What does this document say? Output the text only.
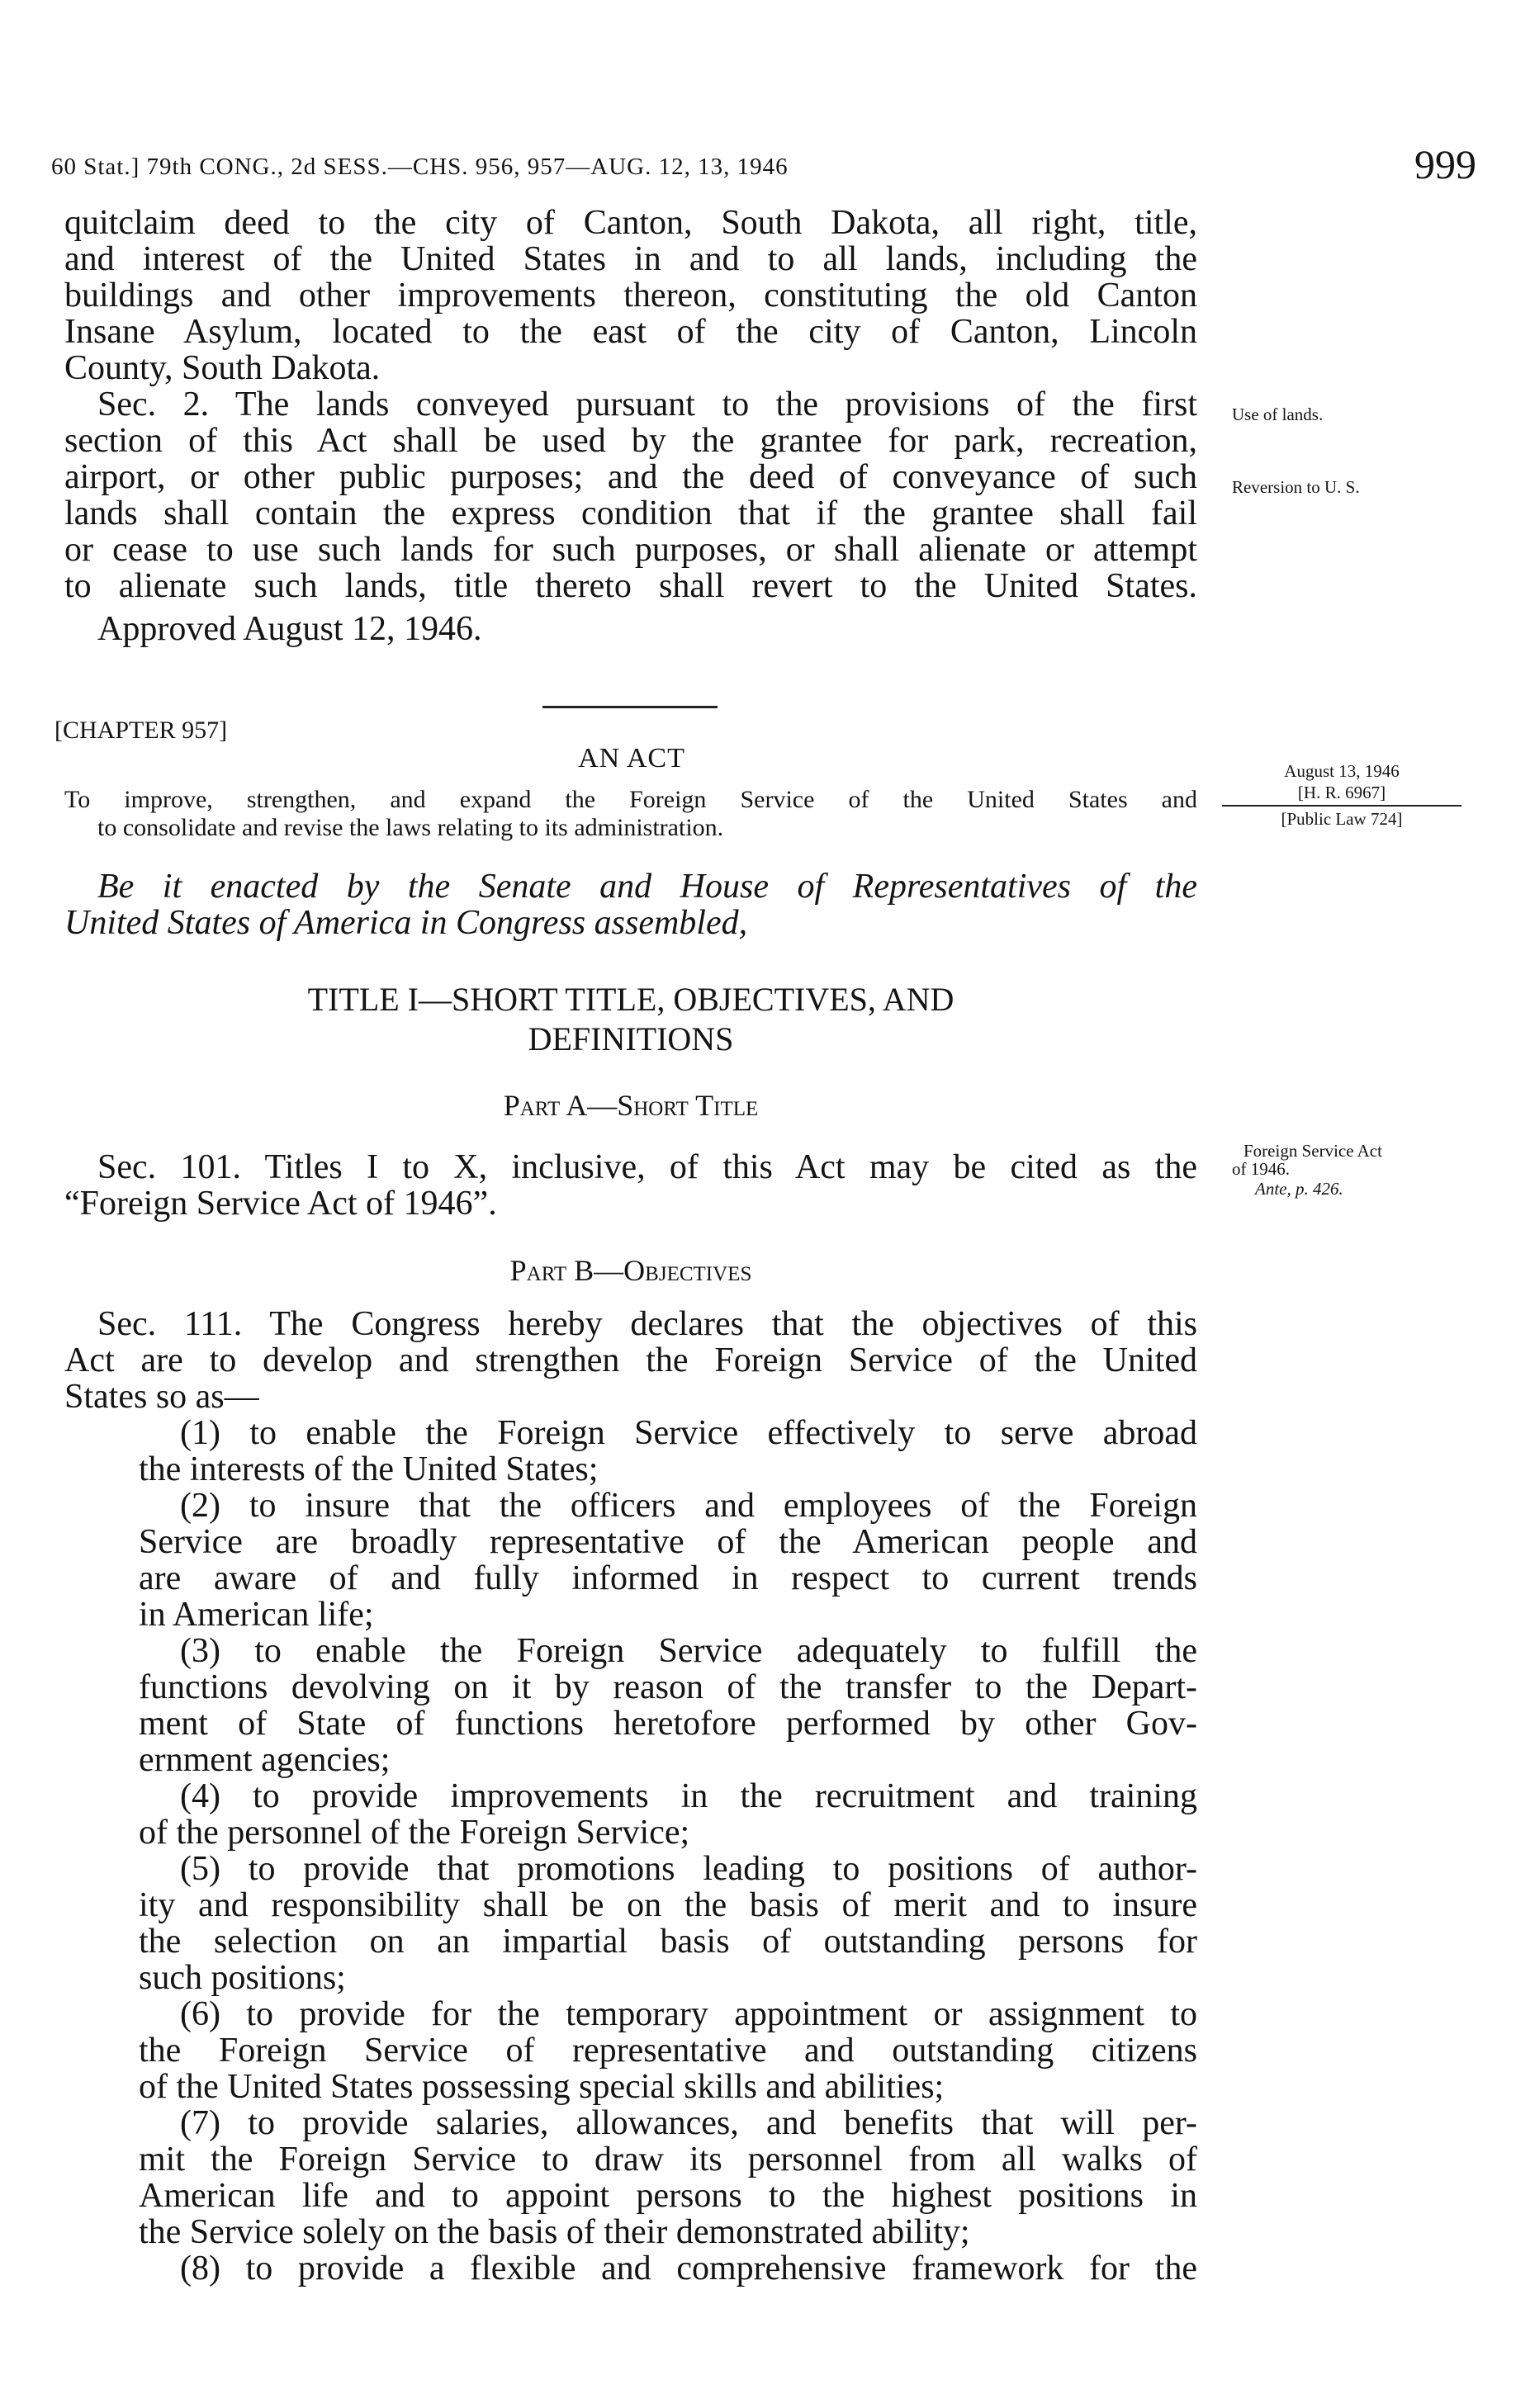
60 Stat.] 79th CONG., 2d SESS.—CHS. 956, 957—AUG. 12, 13, 1946	999
quitclaim deed to the city of Canton, South Dakota, all right, title,
and interest of the United States in and to all lands, including the
buildings and other improvements thereon, constituting the old Canton
Insane Asylum, located to the east of the city of Canton, Lincoln
County, South Dakota.
Sec. 2. The lands conveyed pursuant to the provisions of the first
section of this Act shall be used by the grantee for park, recreation,
airport, or other public purposes; and the deed of conveyance of such
lands shall contain the express condition that if the grantee shall fail
or cease to use such lands for such purposes, or shall alienate or attempt
to alienate such lands, title thereto shall revert to the United States.
Approved August 12, 1946.
Use of lands.
Reversion to U. S.
[CHAPTER 957]
AN ACT
To improve, strengthen, and expand the Foreign Service of the United States and
to consolidate and revise the laws relating to its administration.
August 13, 1946
[H. R. 6967]
[Public Law 724]
Be it enacted by the Senate and House of Representatives of the
United States of America in Congress assembled,
TITLE I—SHORT TITLE, OBJECTIVES, AND
DEFINITIONS
Part A—Short Title
Sec. 101. Titles I to X, inclusive, of this Act may be cited as the
“Foreign Service Act of 1946”.
Foreign Service Act
of 1946.
Ante, p. 426.
Part B—Objectives
Sec. 111. The Congress hereby declares that the objectives of this
Act are to develop and strengthen the Foreign Service of the United
States so as—
(1) to enable the Foreign Service effectively to serve abroad
the interests of the United States;
(2) to insure that the officers and employees of the Foreign
Service are broadly representative of the American people and
are aware of and fully informed in respect to current trends
in American life;
(3) to enable the Foreign Service adequately to fulfill the
functions devolving on it by reason of the transfer to the Depart-
ment of State of functions heretofore performed by other Gov-
ernment agencies;
(4) to provide improvements in the recruitment and training
of the personnel of the Foreign Service;
(5) to provide that promotions leading to positions of author-
ity and responsibility shall be on the basis of merit and to insure
the selection on an impartial basis of outstanding persons for
such positions;
(6) to provide for the temporary appointment or assignment to
the Foreign Service of representative and outstanding citizens
of the United States possessing special skills and abilities;
(7) to provide salaries, allowances, and benefits that will per-
mit the Foreign Service to draw its personnel from all walks of
American life and to appoint persons to the highest positions in
the Service solely on the basis of their demonstrated ability;
(8) to provide a flexible and comprehensive framework for the
